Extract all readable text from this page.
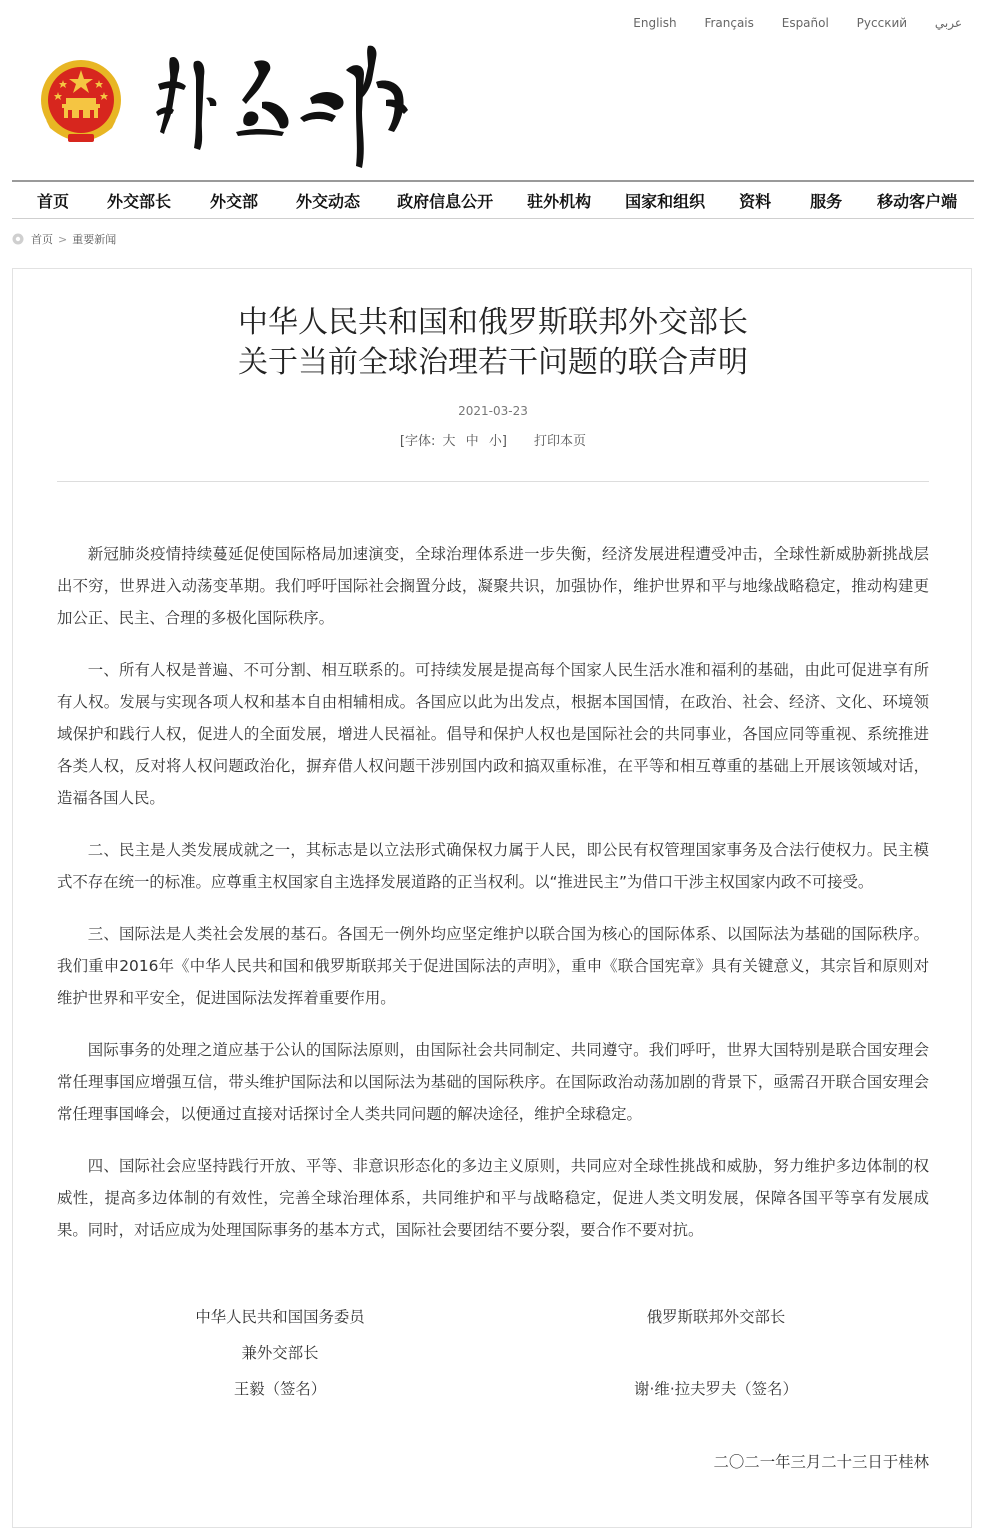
English Français Español Русский عربي
首页 外交部长 外交部 外交动态 政府信息公开 驻外机构 国家和组织 资料 服务 移动客户端
首页 > 重要新闻
中华人民共和国和俄罗斯联邦外交部长
关于当前全球治理若干问题的联合声明
2021-03-23
[字体: 大 中 小] 打印本页

新冠肺炎疫情持续蔓延促使国际格局加速演变，全球治理体系进一步失衡，经济发展进程遭受冲击，全球性新威胁新挑战层出不穷，世界进入动荡变革期。我们呼吁国际社会搁置分歧，凝聚共识，加强协作，维护世界和平与地缘战略稳定，推动构建更加公正、民主、合理的多极化国际秩序。

一、所有人权是普遍、不可分割、相互联系的。可持续发展是提高每个国家人民生活水准和福利的基础，由此可促进享有所有人权。发展与实现各项人权和基本自由相辅相成。各国应以此为出发点，根据本国国情，在政治、社会、经济、文化、环境领域保护和践行人权，促进人的全面发展，增进人民福祉。倡导和保护人权也是国际社会的共同事业，各国应同等重视、系统推进各类人权，反对将人权问题政治化，摒弃借人权问题干涉别国内政和搞双重标准，在平等和相互尊重的基础上开展该领域对话，造福各国人民。

二、民主是人类发展成就之一，其标志是以立法形式确保权力属于人民，即公民有权管理国家事务及合法行使权力。民主模式不存在统一的标准。应尊重主权国家自主选择发展道路的正当权利。以“推进民主”为借口干涉主权国家内政不可接受。

三、国际法是人类社会发展的基石。各国无一例外均应坚定维护以联合国为核心的国际体系、以国际法为基础的国际秩序。我们重申2016年《中华人民共和国和俄罗斯联邦关于促进国际法的声明》，重申《联合国宪章》具有关键意义，其宗旨和原则对维护世界和平安全，促进国际法发挥着重要作用。

国际事务的处理之道应基于公认的国际法原则，由国际社会共同制定、共同遵守。我们呼吁，世界大国特别是联合国安理会常任理事国应增强互信，带头维护国际法和以国际法为基础的国际秩序。在国际政治动荡加剧的背景下，亟需召开联合国安理会常任理事国峰会，以便通过直接对话探讨全人类共同问题的解决途径，维护全球稳定。

四、国际社会应坚持践行开放、平等、非意识形态化的多边主义原则，共同应对全球性挑战和威胁，努力维护多边体制的权威性，提高多边体制的有效性，完善全球治理体系，共同维护和平与战略稳定，促进人类文明发展，保障各国平等享有发展成果。同时，对话应成为处理国际事务的基本方式，国际社会要团结不要分裂，要合作不要对抗。

中华人民共和国国务委员
兼外交部长
王毅（签名）
俄罗斯联邦外交部长
谢·维·拉夫罗夫（签名）
二〇二一年三月二十三日于桂林
